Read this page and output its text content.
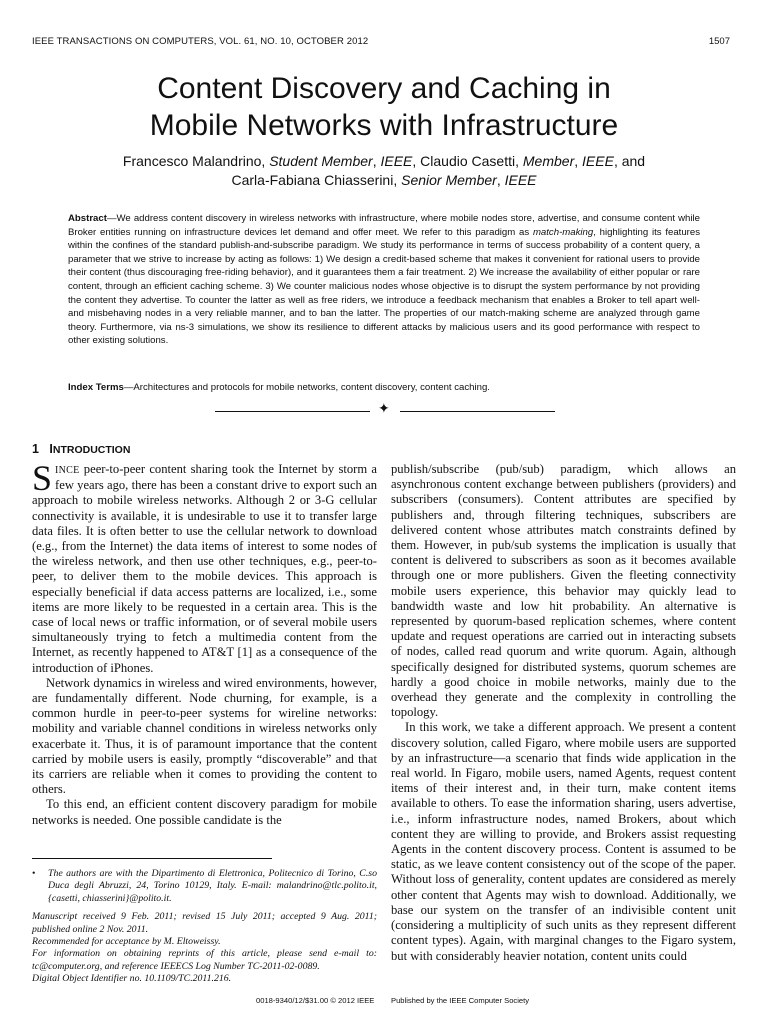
IEEE TRANSACTIONS ON COMPUTERS, VOL. 61, NO. 10, OCTOBER 2012	1507
Content Discovery and Caching in
Mobile Networks with Infrastructure
Francesco Malandrino, Student Member, IEEE, Claudio Casetti, Member, IEEE, and
Carla-Fabiana Chiasserini, Senior Member, IEEE
Abstract—We address content discovery in wireless networks with infrastructure, where mobile nodes store, advertise, and consume content while Broker entities running on infrastructure devices let demand and offer meet. We refer to this paradigm as match-making, highlighting its features within the confines of the standard publish-and-subscribe paradigm. We study its performance in terms of success probability of a content query, a parameter that we strive to increase by acting as follows: 1) We design a credit-based scheme that makes it convenient for rational users to provide their content (thus discouraging free-riding behavior), and it guarantees them a fair treatment. 2) We increase the availability of either popular or rare content, through an efficient caching scheme. 3) We counter malicious nodes whose objective is to disrupt the system performance by not providing the content they advertise. To counter the latter as well as free riders, we introduce a feedback mechanism that enables a Broker to tell apart well- and misbehaving nodes in a very reliable manner, and to ban the latter. The properties of our match-making scheme are analyzed through game theory. Furthermore, via ns-3 simulations, we show its resilience to different attacks by malicious users and its good performance with respect to other existing solutions.
Index Terms—Architectures and protocols for mobile networks, content discovery, content caching.
✦
1 INTRODUCTION

SINCE peer-to-peer content sharing took the Internet by storm a few years ago, there has been a constant drive to export such an approach to mobile wireless networks. Although 2 or 3-G cellular connectivity is available, it is undesirable to use it to transfer large data files. It is often better to use the cellular network to download (e.g., from the Internet) the data items of interest to some nodes of the wireless network, and then use other techniques, e.g., peer-to-peer, to deliver them to the mobile devices. This approach is especially beneficial if data access patterns are localized, i.e., some items are more likely to be requested in a certain area. This is the case of local news or traffic information, or of several mobile users simultaneously trying to fetch a multimedia content from the Internet, as recently happened to AT&T [1] as a consequence of the introduction of iPhones.

Network dynamics in wireless and wired environments, however, are fundamentally different. Node churning, for example, is a common hurdle in peer-to-peer systems for wireline networks: mobility and variable channel conditions in wireless networks only exacerbate it. Thus, it is of paramount importance that the content carried by mobile users is easily, promptly “discoverable” and that its carriers are reliable when it comes to providing the content to others.

To this end, an efficient content discovery paradigm for mobile networks is needed. One possible candidate is the

publish/subscribe (pub/sub) paradigm, which allows an asynchronous content exchange between publishers (providers) and subscribers (consumers). Content attributes are specified by publishers and, through filtering techniques, subscribers are delivered content whose attributes match constraints defined by them. However, in pub/sub systems the implication is usually that content is delivered to subscribers as soon as it becomes available through one or more publishers. Given the fleeting connectivity mobile users experience, this behavior may quickly lead to bandwidth waste and low hit probability. An alternative is represented by quorum-based replication schemes, where content update and request operations are carried out in interacting subsets of nodes, called read quorum and write quorum. Again, although specifically designed for distributed systems, quorum schemes are hardly a good choice in mobile networks, mainly due to the overhead they generate and the complexity in controlling the topology.

In this work, we take a different approach. We present a content discovery solution, called Figaro, where mobile users are supported by an infrastructure—a scenario that finds wide application in the real world. In Figaro, mobile users, named Agents, request content items of their interest and, in their turn, make content items available to others. To ease the information sharing, users advertise, i.e., inform infrastructure nodes, named Brokers, about which content they are willing to provide, and Brokers assist requesting Agents in the content discovery process. Content is assumed to be static, as we leave content consistency out of the scope of the paper. Without loss of generality, content updates are considered as merely other content that Agents may wish to download. Additionally, we base our system on the transfer of an indivisible content unit (considering a multiplicity of such units as they represent different content types). Again, with marginal changes to the Figaro system, but with considerably heavier notation, content units could

• The authors are with the Dipartimento di Elettronica, Politecnico di Torino, C.so Duca degli Abruzzi, 24, Torino 10129, Italy. E-mail: malandrino@tlc.polito.it, {casetti, chiasserini}@polito.it.
Manuscript received 9 Feb. 2011; revised 15 July 2011; accepted 9 Aug. 2011; published online 2 Nov. 2011.
Recommended for acceptance by M. Eltoweissy.
For information on obtaining reprints of this article, please send e-mail to: tc@computer.org, and reference IEEECS Log Number TC-2011-02-0089.
Digital Object Identifier no. 10.1109/TC.2011.216.
0018-9340/12/$31.00 © 2012 IEEE Published by the IEEE Computer Society
